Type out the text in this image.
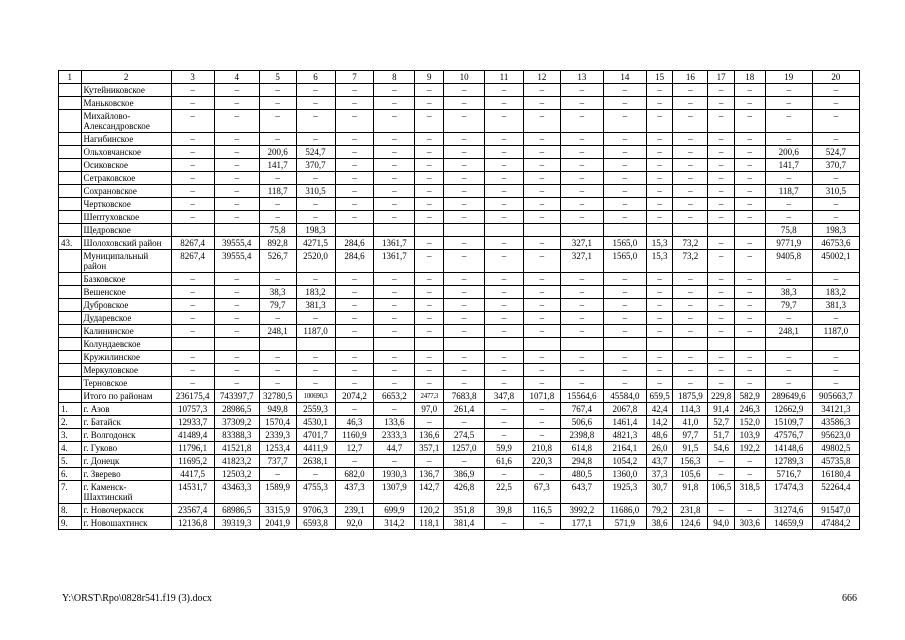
1	2	3	4	5	6	7	8	9	10	11	12	13	14	15	16	17	18	19	20
	Кутейниковское	–	–	–	–	–	–	–	–	–	–	–	–	–	–	–	–	–	–
	Маньковское	–	–	–	–	–	–	–	–	–	–	–	–	–	–	–	–	–	–
	Михайлово-Александровское	–	–	–	–	–	–	–	–	–	–	–	–	–	–	–	–	–	–
	Нагибинское	–	–	–	–	–	–	–	–	–	–	–	–	–	–	–	–	–	–
	Ольховчанское	–	–	200,6	524,7	–	–	–	–	–	–	–	–	–	–	–	–	200,6	524,7
	Осиковское	–	–	141,7	370,7	–	–	–	–	–	–	–	–	–	–	–	–	141,7	370,7
	Сетраковское	–	–	–	–	–	–	–	–	–	–	–	–	–	–	–	–	–	–
	Сохрановское	–	–	118,7	310,5	–	–	–	–	–	–	–	–	–	–	–	–	118,7	310,5
	Чертковское	–	–	–	–	–	–	–	–	–	–	–	–	–	–	–	–	–	–
	Шептуховское	–	–	–	–	–	–	–	–	–	–	–	–	–	–	–	–	–	–
	Щедровское			75,8	198,3													75,8	198,3
43.	Шолоховский район	8267,4	39555,4	892,8	4271,5	284,6	1361,7	–	–	–	–	327,1	1565,0	15,3	73,2	–	–	9771,9	46753,6
	Муниципальный район	8267,4	39555,4	526,7	2520,0	284,6	1361,7	–	–	–	–	327,1	1565,0	15,3	73,2	–	–	9405,8	45002,1
	Базковское	–	–	–	–	–	–	–	–	–	–	–	–	–	–	–	–	–	–
	Вешенское	–	–	38,3	183,2	–	–	–	–	–	–	–	–	–	–	–	–	38,3	183,2
	Дубровское	–	–	79,7	381,3	–	–	–	–	–	–	–	–	–	–	–	–	79,7	381,3
	Дударевское	–	–	–	–	–	–	–	–	–	–	–	–	–	–	–	–	–	–
	Калининское	–	–	248,1	1187,0	–	–	–	–	–	–	–	–	–	–	–	–	248,1	1187,0
	Колундаевское																		
	Кружилинское	–	–	–	–	–	–	–	–	–	–	–	–	–	–	–	–	–	–
	Меркуловское	–	–	–	–	–	–	–	–	–	–	–	–	–	–	–	–	–	–
	Терновское	–	–	–	–	–	–	–	–	–	–	–	–	–	–	–	–	–	–
	Итого по районам	236175,4	743397,7	32780,5	100690,3	2074,2	6653,2	2477,3	7683,8	347,8	1071,8	15564,6	45584,0	659,5	1875,9	229,8	582,9	289649,6	905663,7
1.	г. Азов	10757,3	28986,5	949,8	2559,3	–	–	97,0	261,4	–	–	767,4	2067,8	42,4	114,3	91,4	246,3	12662,9	34121,3
2.	г. Батайск	12933,7	37309,2	1570,4	4530,1	46,3	133,6	–	–	–	–	506,6	1461,4	14,2	41,0	52,7	152,0	15109,7	43586,3
3.	г. Волгодонск	41489,4	83388,3	2339,3	4701,7	1160,9	2333,3	136,6	274,5	–	–	2398,8	4821,3	48,6	97,7	51,7	103,9	47576,7	95623,0
4.	г. Гуково	11796,1	41521,8	1253,4	4411,9	12,7	44,7	357,1	1257,0	59,9	210,8	614,8	2164,1	26,0	91,5	54,6	192,2	14148,6	49802,5
5.	г. Донецк	11695,2	41823,2	737,7	2638,1	–	–	–	–	61,6	220,3	294,8	1054,2	43,7	156,3	–	–	12789,3	45735,8
6.	г. Зверево	4417,5	12503,2	–	–	682,0	1930,3	136,7	386,9	–	–	480,5	1360,0	37,3	105,6	–	–	5716,7	16180,4
7.	г. Каменск-Шахтинский	14531,7	43463,3	1589,9	4755,3	437,3	1307,9	142,7	426,8	22,5	67,3	643,7	1925,3	30,7	91,8	106,5	318,5	17474,3	52264,4
8.	г. Новочеркасск	23567,4	68986,5	3315,9	9706,3	239,1	699,9	120,2	351,8	39,8	116,5	3992,2	11686,0	79,2	231,8	–	–	31274,6	91547,0
9.	г. Новошахтинск	12136,8	39319,3	2041,9	6593,8	92,0	314,2	118,1	381,4	–	–	177,1	571,9	38,6	124,6	94,0	303,6	14659,9	47484,2
Y:\ORST\Rpo\0828r541.f19 (3).docx	666
